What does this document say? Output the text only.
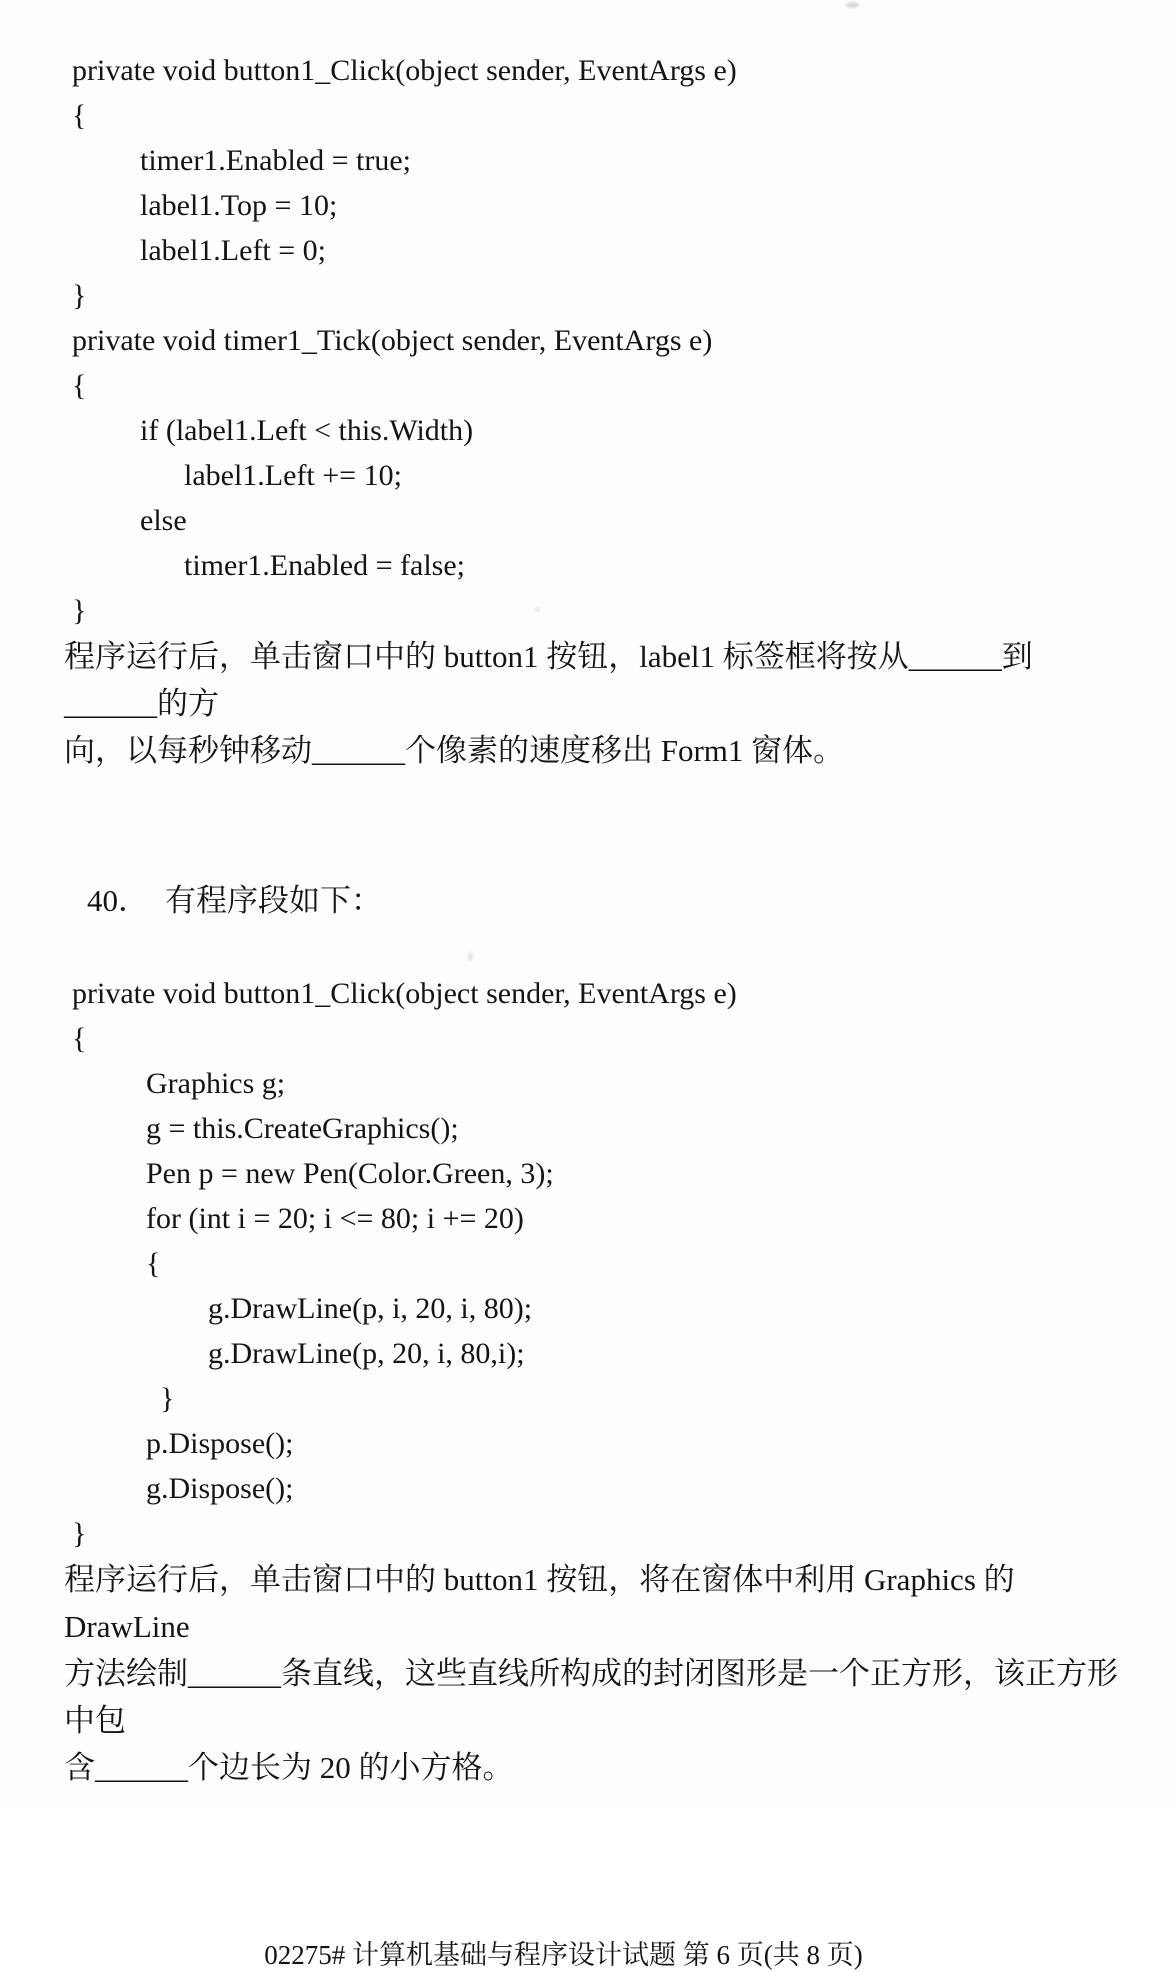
private void button1_Click(object sender, EventArgs e)
{
timer1.Enabled = true;
label1.Top = 10;
label1.Left = 0;
}
private void timer1_Tick(object sender, EventArgs e)
{
if (label1.Left < this.Width)
label1.Left += 10;
else
timer1.Enabled = false;
}
程序运行后，单击窗口中的 button1 按钮，label1 标签框将按从______到______的方
向，以每秒钟移动______个像素的速度移出 Form1 窗体。

40． 有程序段如下：

private void button1_Click(object sender, EventArgs e)
{
Graphics g;
g = this.CreateGraphics();
Pen p = new Pen(Color.Green, 3);
for (int i = 20; i <= 80; i += 20)
{
g.DrawLine(p, i, 20, i, 80);
g.DrawLine(p, 20, i, 80,i);
}
p.Dispose();
g.Dispose();
}
程序运行后，单击窗口中的 button1 按钮，将在窗体中利用 Graphics 的 DrawLine
方法绘制______条直线，这些直线所构成的封闭图形是一个正方形，该正方形中包
含______个边长为 20 的小方格。
02275# 计算机基础与程序设计试题 第 6 页(共 8 页)
